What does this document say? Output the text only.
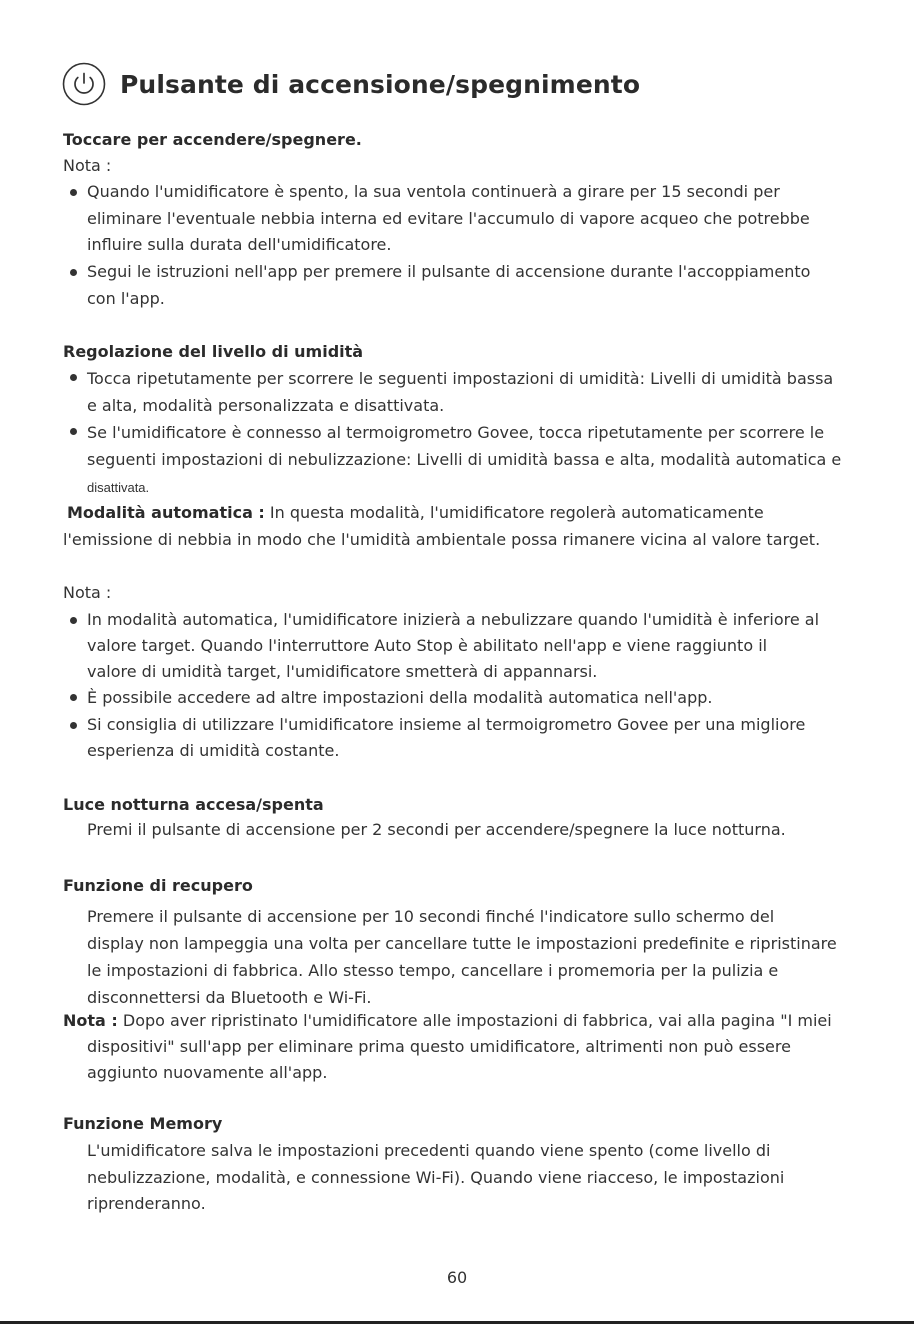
Pulsante di accensione/spegnimento
Toccare per accendere/spegnere.
Nota :
Quando l'umidificatore è spento, la sua ventola continuerà a girare per 15 secondi per
eliminare l'eventuale nebbia interna ed evitare l'accumulo di vapore acqueo che potrebbe
influire sulla durata dell'umidificatore.
Segui le istruzioni nell'app per premere il pulsante di accensione durante l'accoppiamento
con l'app.
Regolazione del livello di umidità
Tocca ripetutamente per scorrere le seguenti impostazioni di umidità: Livelli di umidità bassa
e alta, modalità personalizzata e disattivata.
Se l'umidificatore è connesso al termoigrometro Govee, tocca ripetutamente per scorrere le
seguenti impostazioni di nebulizzazione: Livelli di umidità bassa e alta, modalità automatica e
disattivata.
Modalità automatica : In questa modalità, l'umidificatore regolerà automaticamente
l'emissione di nebbia in modo che l'umidità ambientale possa rimanere vicina al valore target.
Nota :
In modalità automatica, l'umidificatore inizierà a nebulizzare quando l'umidità è inferiore al
valore target. Quando l'interruttore Auto Stop è abilitato nell'app e viene raggiunto il
valore di umidità target, l'umidificatore smetterà di appannarsi.
È possibile accedere ad altre impostazioni della modalità automatica nell'app.
Si consiglia di utilizzare l'umidificatore insieme al termoigrometro Govee per una migliore
esperienza di umidità costante.
Luce notturna accesa/spenta
Premi il pulsante di accensione per 2 secondi per accendere/spegnere la luce notturna.
Funzione di recupero
Premere il pulsante di accensione per 10 secondi finché l'indicatore sullo schermo del
display non lampeggia una volta per cancellare tutte le impostazioni predefinite e ripristinare
le impostazioni di fabbrica. Allo stesso tempo, cancellare i promemoria per la pulizia e
disconnettersi da Bluetooth e Wi-Fi.
Nota : Dopo aver ripristinato l'umidificatore alle impostazioni di fabbrica, vai alla pagina "I miei
dispositivi" sull'app per eliminare prima questo umidificatore, altrimenti non può essere
aggiunto nuovamente all'app.
Funzione Memory
L'umidificatore salva le impostazioni precedenti quando viene spento (come livello di
nebulizzazione, modalità, e connessione Wi-Fi). Quando viene riacceso, le impostazioni
riprenderanno.
60
